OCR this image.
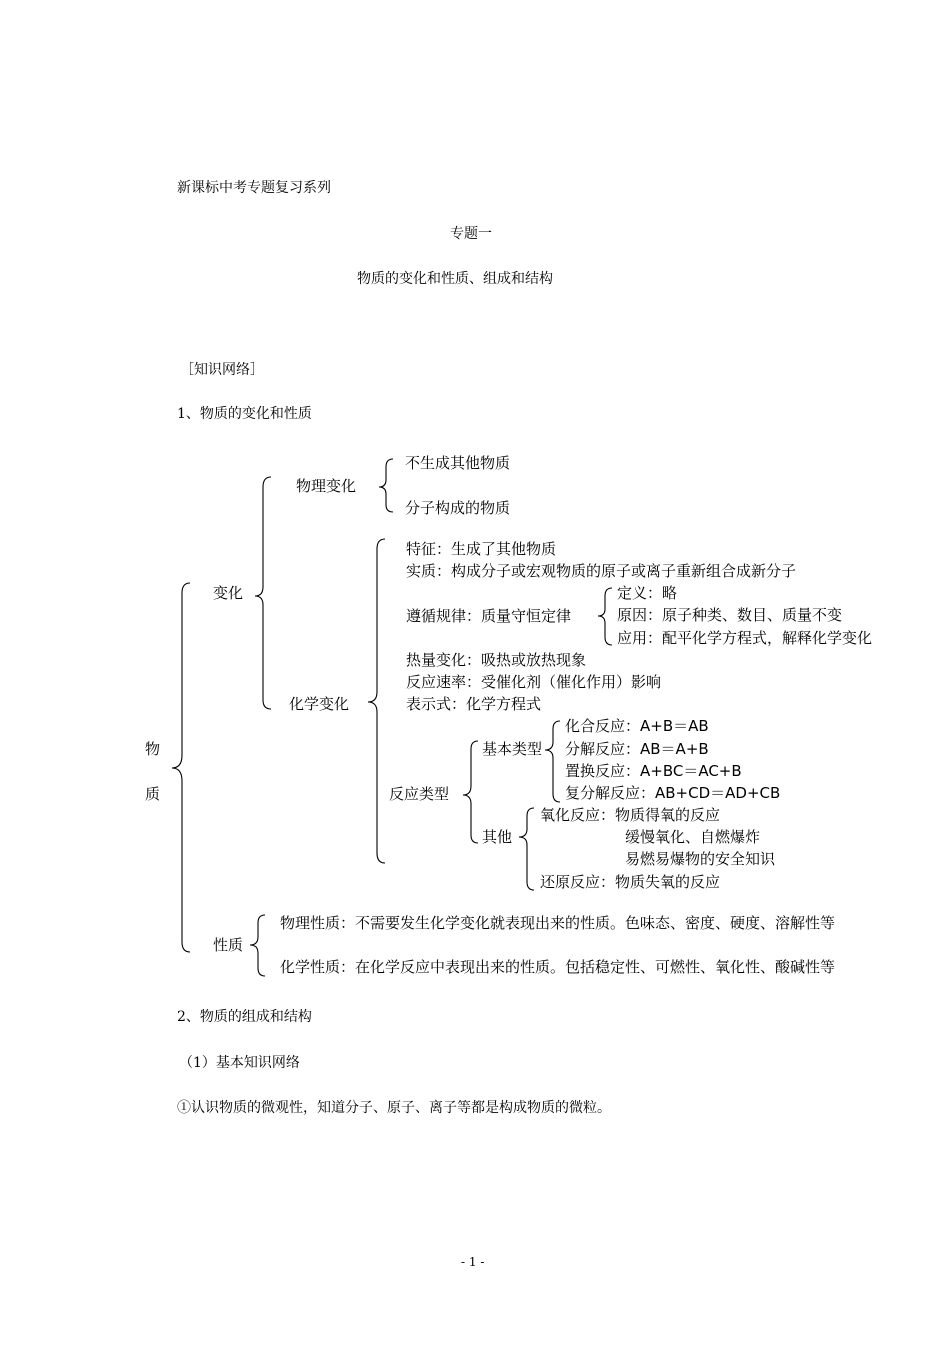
新课标中考专题复习系列
专题一
物质的变化和性质、组成和结构
［知识网络］
1、物质的变化和性质
物
质
变化
物理变化
不生成其他物质
分子构成的物质
化学变化
特征：生成了其他物质
实质：构成分子或宏观物质的原子或离子重新组合成新分子
遵循规律：质量守恒定律
定义：略
原因：原子种类、数目、质量不变
应用：配平化学方程式，解释化学变化
热量变化：吸热或放热现象
反应速率：受催化剂（催化作用）影响
表示式：化学方程式
反应类型
基本类型
化合反应：A+B＝AB
分解反应：AB＝A+B
置换反应：A+BC＝AC+B
复分解反应：AB+CD＝AD+CB
其他
氧化反应：物质得氧的反应
缓慢氧化、自燃爆炸
易燃易爆物的安全知识
还原反应：物质失氧的反应
性质
物理性质：不需要发生化学变化就表现出来的性质。色味态、密度、硬度、溶解性等
化学性质：在化学反应中表现出来的性质。包括稳定性、可燃性、氧化性、酸碱性等
2、物质的组成和结构
（1）基本知识网络
①认识物质的微观性，知道分子、原子、离子等都是构成物质的微粒。
- 1 -
